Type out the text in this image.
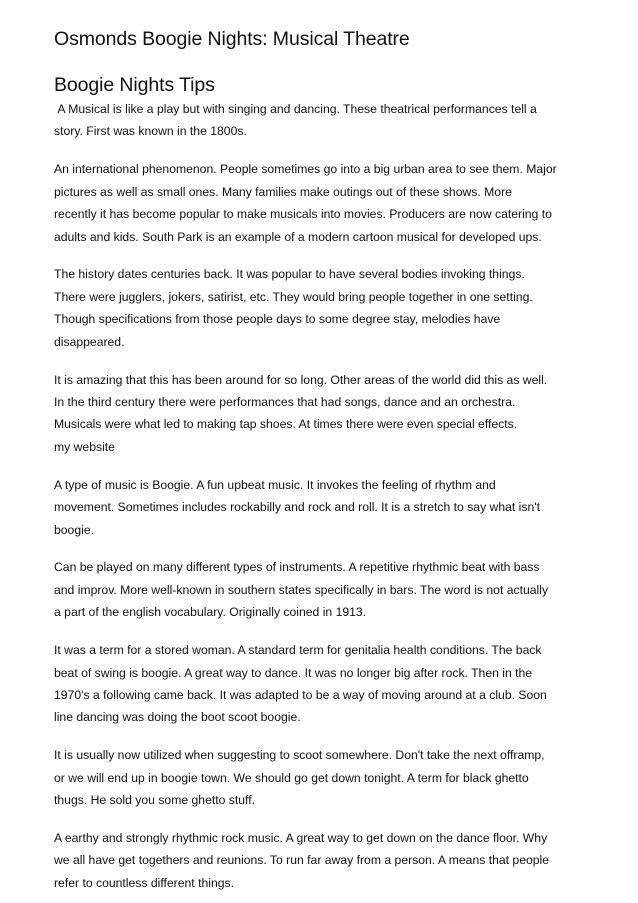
Osmonds Boogie Nights: Musical Theatre
Boogie Nights Tips

A Musical is like a play but with singing and dancing. These theatrical performances tell a
story. First was known in the 1800s.

An international phenomenon. People sometimes go into a big urban area to see them. Major
pictures as well as small ones. Many families make outings out of these shows. More
recently it has become popular to make musicals into movies. Producers are now catering to
adults and kids. South Park is an example of a modern cartoon musical for developed ups.

The history dates centuries back. It was popular to have several bodies invoking things.
There were jugglers, jokers, satirist, etc. They would bring people together in one setting.
Though specifications from those people days to some degree stay, melodies have
disappeared.

It is amazing that this has been around for so long. Other areas of the world did this as well.
In the third century there were performances that had songs, dance and an orchestra.
Musicals were what led to making tap shoes. At times there were even special effects.

my website

A type of music is Boogie. A fun upbeat music. It invokes the feeling of rhythm and
movement. Sometimes includes rockabilly and rock and roll. It is a stretch to say what isn't
boogie.

Can be played on many different types of instruments. A repetitive rhythmic beat with bass
and improv. More well-known in southern states specifically in bars. The word is not actually
a part of the english vocabulary. Originally coined in 1913.

It was a term for a stored woman. A standard term for genitalia health conditions. The back
beat of swing is boogie. A great way to dance. It was no longer big after rock. Then in the
1970's a following came back. It was adapted to be a way of moving around at a club. Soon
line dancing was doing the boot scoot boogie.

It is usually now utilized when suggesting to scoot somewhere. Don't take the next offramp,
or we will end up in boogie town. We should go get down tonight. A term for black ghetto
thugs. He sold you some ghetto stuff.

A earthy and strongly rhythmic rock music. A great way to get down on the dance floor. Why
we all have get togethers and reunions. To run far away from a person. A means that people
refer to countless different things.
